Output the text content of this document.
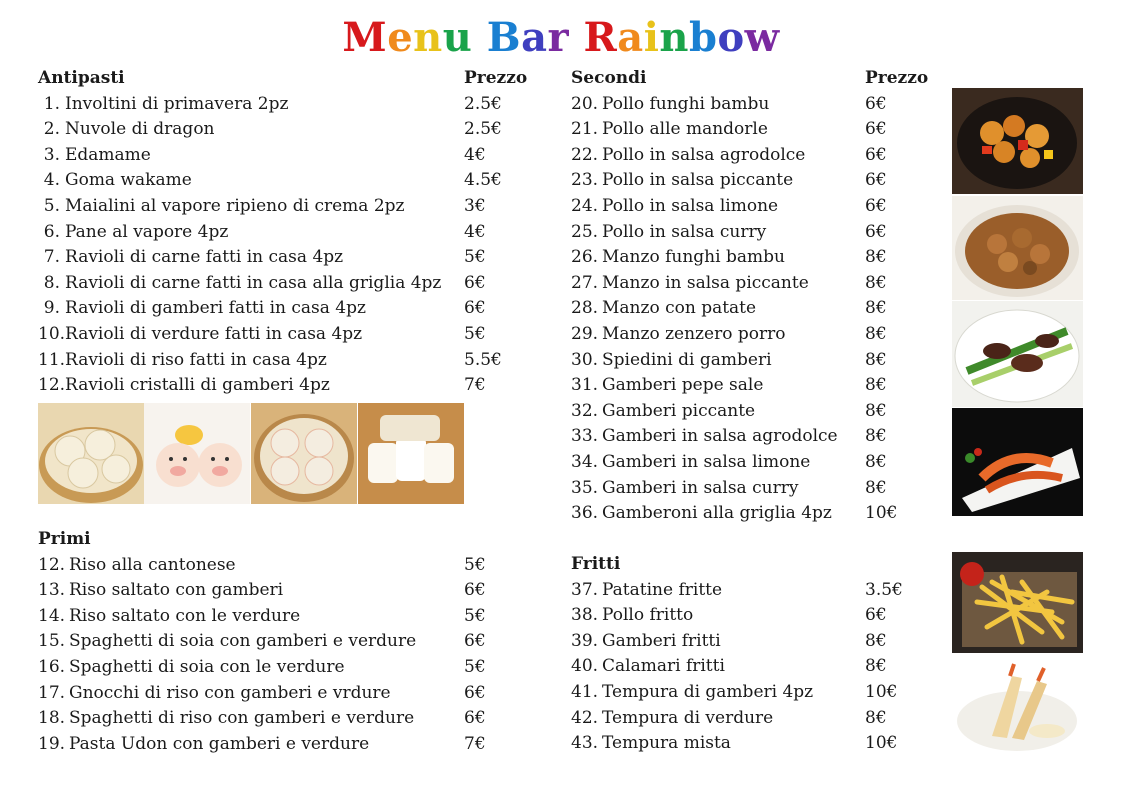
Menu Bar Rainbow
Antipasti	Prezzo
1. Involtini di primavera 2pz	2.5€
2. Nuvole di dragon	2.5€
3. Edamame	4€
4. Goma wakame	4.5€
5. Maialini al vapore ripieno di crema 2pz	3€
6. Pane al vapore 4pz	4€
7. Ravioli di carne fatti in casa 4pz	5€
8. Ravioli di carne fatti in casa alla griglia 4pz 6€
9. Ravioli di gamberi fatti in casa 4pz	6€
10.Ravioli di verdure fatti in casa 4pz	5€
11.Ravioli di riso fatti in casa 4pz	5.5€
12.Ravioli cristalli di gamberi 4pz	7€
Primi
12. Riso alla cantonese	5€
13. Riso saltato con gamberi	6€
14. Riso saltato con le verdure	5€
15. Spaghetti di soia con gamberi e verdure	6€
16. Spaghetti di soia con le verdure	5€
17. Gnocchi di riso con gamberi e vrdure	6€
18. Spaghetti di riso con gamberi e verdure	6€
19. Pasta Udon con gamberi e verdure	7€
Secondi	Prezzo
20. Pollo funghi bambu	6€
21. Pollo alle mandorle	6€
22. Pollo in salsa agrodolce	6€
23. Pollo in salsa piccante	6€
24. Pollo in salsa limone	6€
25. Pollo in salsa curry	6€
26. Manzo funghi bambu	8€
27. Manzo in salsa piccante	8€
28. Manzo con patate	8€
29. Manzo zenzero porro	8€
30. Spiedini di gamberi	8€
31. Gamberi pepe sale	8€
32. Gamberi piccante	8€
33. Gamberi in salsa agrodolce 8€
34. Gamberi in salsa limone	8€
35. Gamberi in salsa curry	8€
36. Gamberoni alla griglia 4pz 10€
Fritti
37. Patatine fritte	3.5€
38. Pollo fritto	6€
39. Gamberi fritti	8€
40. Calamari fritti	8€
41. Tempura di gamberi 4pz	10€
42. Tempura di verdure	8€
43. Tempura mista	10€
